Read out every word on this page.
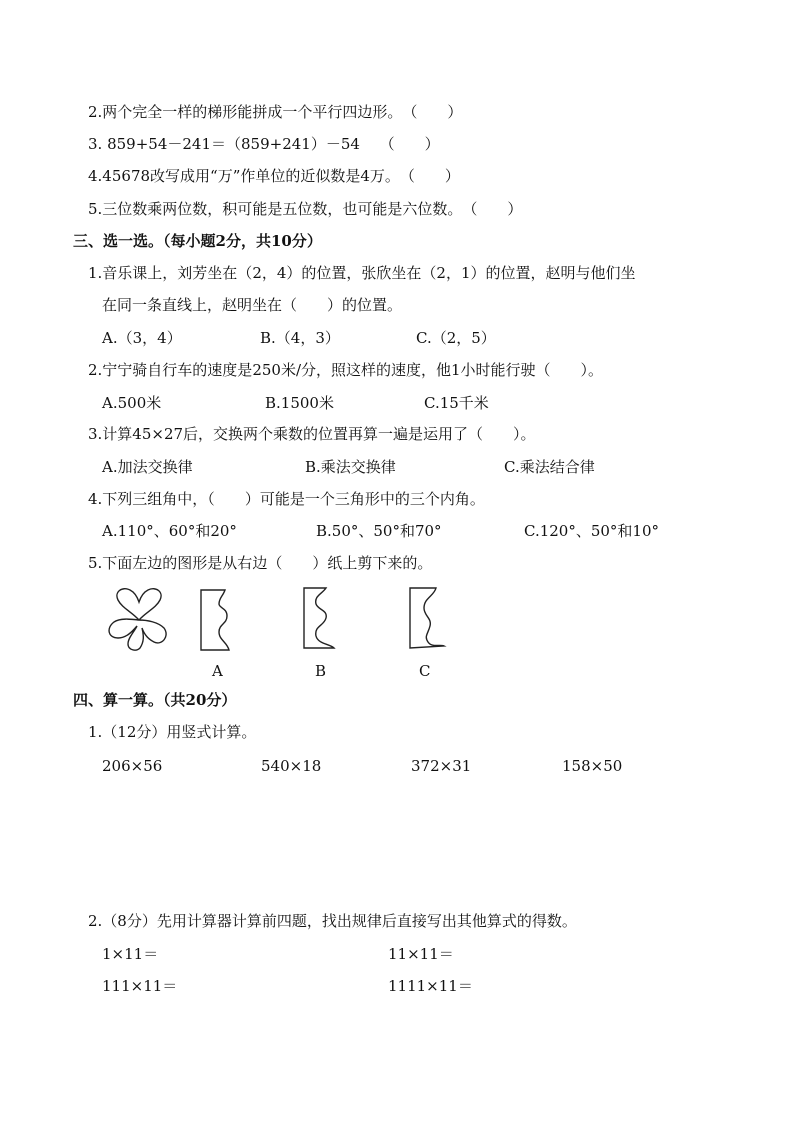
2.两个完全一样的梯形能拼成一个平行四边形。　（　　）
3. 859+54－241＝（859+241）－54　 （　　）
4.45678改写成用“万”作单位的近似数是4万。　（　　）
5.三位数乘两位数，积可能是五位数，也可能是六位数。　（　　）
三、选一选。（每小题2分，共10分）
1.音乐课上，刘芳坐在（2，4）的位置，张欣坐在（2，1）的位置，赵明与他们坐
在同一条直线上，赵明坐在（　　）的位置。
A.（3，4）	B.（4，3）	C.（2，5）
2.宁宁骑自行车的速度是250米/分，照这样的速度，他1小时能行驶（　　）。
A.500米	B.1500米	C.15千米
3.计算45×27后，交换两个乘数的位置再算一遍是运用了（　　）。
A.加法交换律	B.乘法交换律	C.乘法结合律
4.下列三组角中，（　　）可能是一个三角形中的三个内角。
A.110°、60°和20°	B.50°、50°和70°	C.120°、50°和10°
5.下面左边的图形是从右边（　　）纸上剪下来的。
A	B	C
四、算一算。（共20分）
1.（12分）用竖式计算。
206×56	540×18	372×31	158×50
2.（8分）先用计算器计算前四题，找出规律后直接写出其他算式的得数。
1×11＝	11×11＝
111×11＝	1111×11＝
